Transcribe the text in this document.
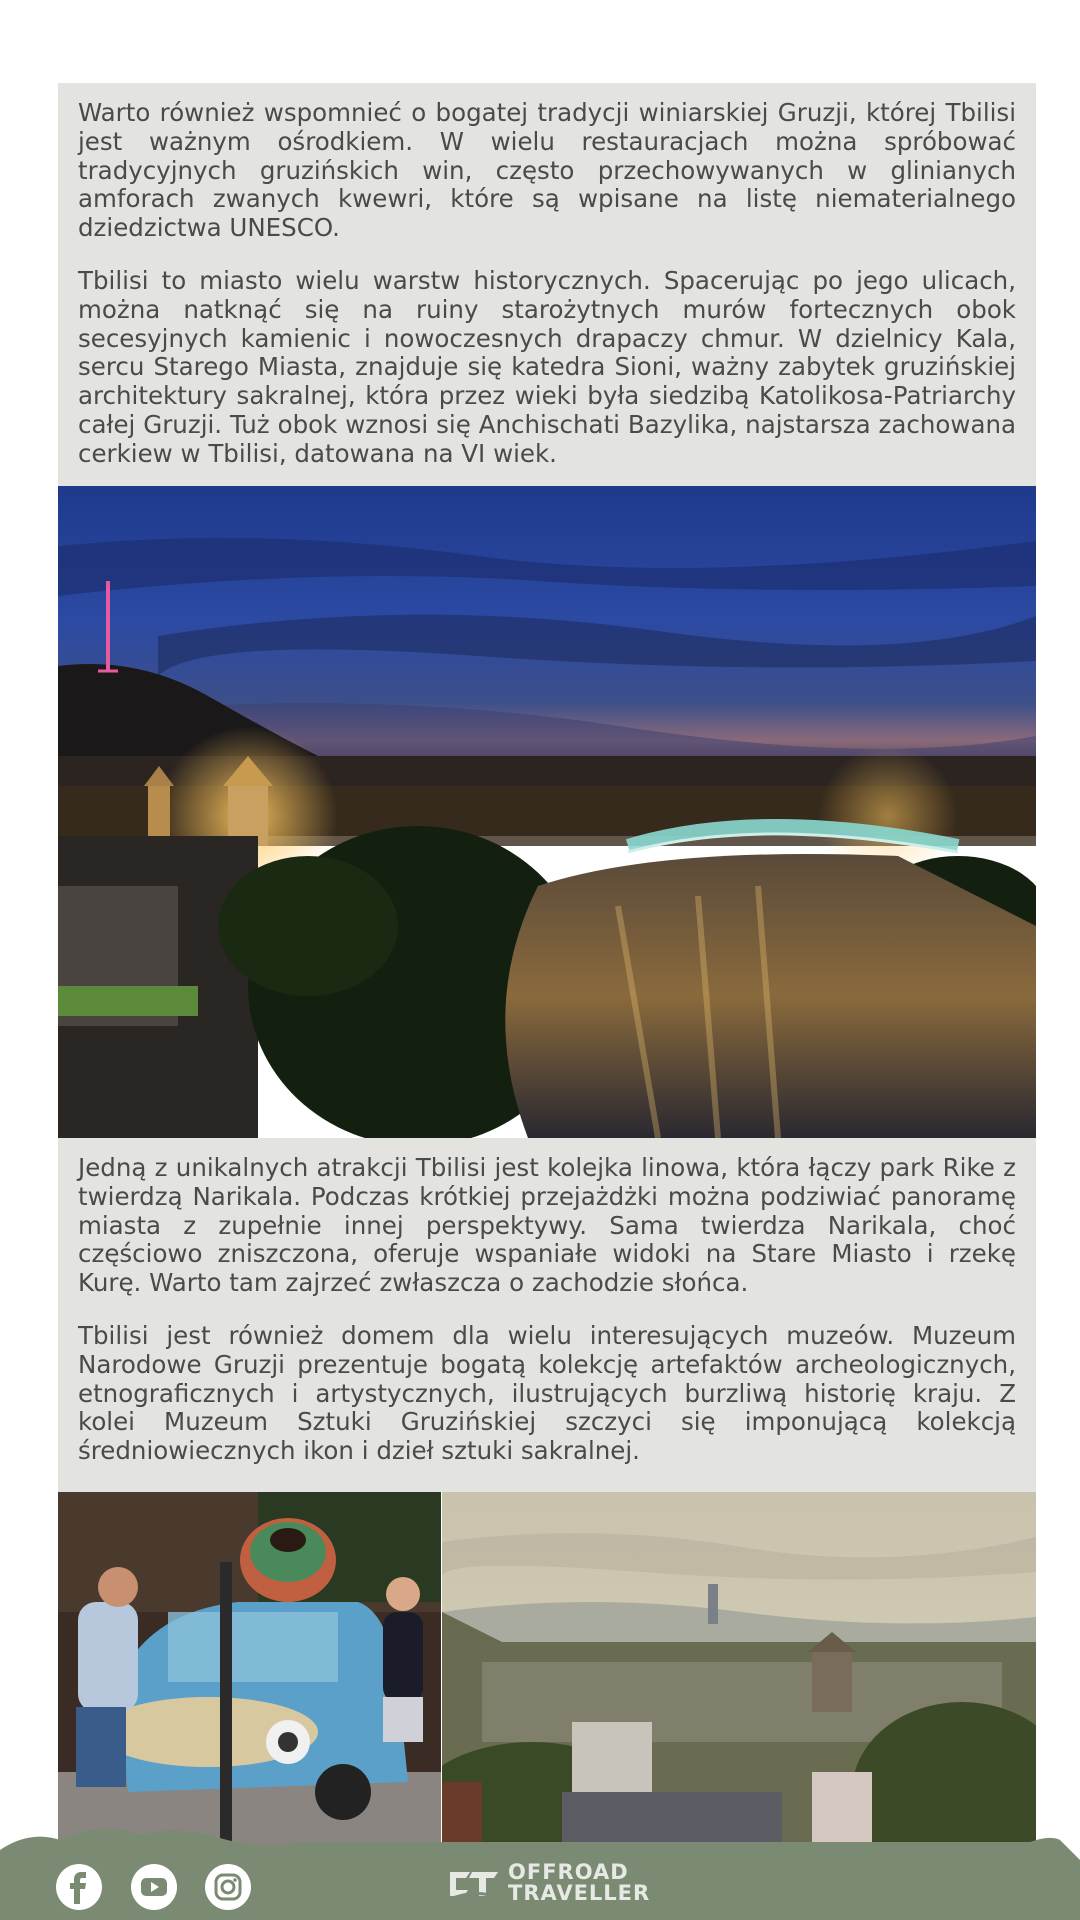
Warto również wspomnieć o bogatej tradycji winiarskiej Gruzji, której Tbilisi jest ważnym ośrodkiem. W wielu restauracjach można spróbować tradycyjnych gruzińskich win, często przechowywanych w glinianych amforach zwanych kwewri, które są wpisane na listę niematerialnego dziedzictwa UNESCO.

Tbilisi to miasto wielu warstw historycznych. Spacerując po jego ulicach, można natknąć się na ruiny starożytnych murów fortecznych obok secesyjnych kamienic i nowoczesnych drapaczy chmur. W dzielnicy Kala, sercu Starego Miasta, znajduje się katedra Sioni, ważny zabytek gruzińskiej architektury sakralnej, która przez wieki była siedzibą Katolikosa-Patriarchy całej Gruzji. Tuż obok wznosi się Anchischati Bazylika, najstarsza zachowana cerkiew w Tbilisi, datowana na VI wiek.

Jedną z unikalnych atrakcji Tbilisi jest kolejka linowa, która łączy park Rike z twierdzą Narikala. Podczas krótkiej przejażdżki można podziwiać panoramę miasta z zupełnie innej perspektywy. Sama twierdza Narikala, choć częściowo zniszczona, oferuje wspaniałe widoki na Stare Miasto i rzekę Kurę. Warto tam zajrzeć zwłaszcza o zachodzie słońca.

Tbilisi jest również domem dla wielu interesujących muzeów. Muzeum Narodowe Gruzji prezentuje bogatą kolekcję artefaktów archeologicznych, etnograficznych i artystycznych, ilustrujących burzliwą historię kraju. Z kolei Muzeum Sztuki Gruzińskiej szczyci się imponującą kolekcją średniowiecznych ikon i dzieł sztuki sakralnej.

OFFROAD
TRAVELLER
